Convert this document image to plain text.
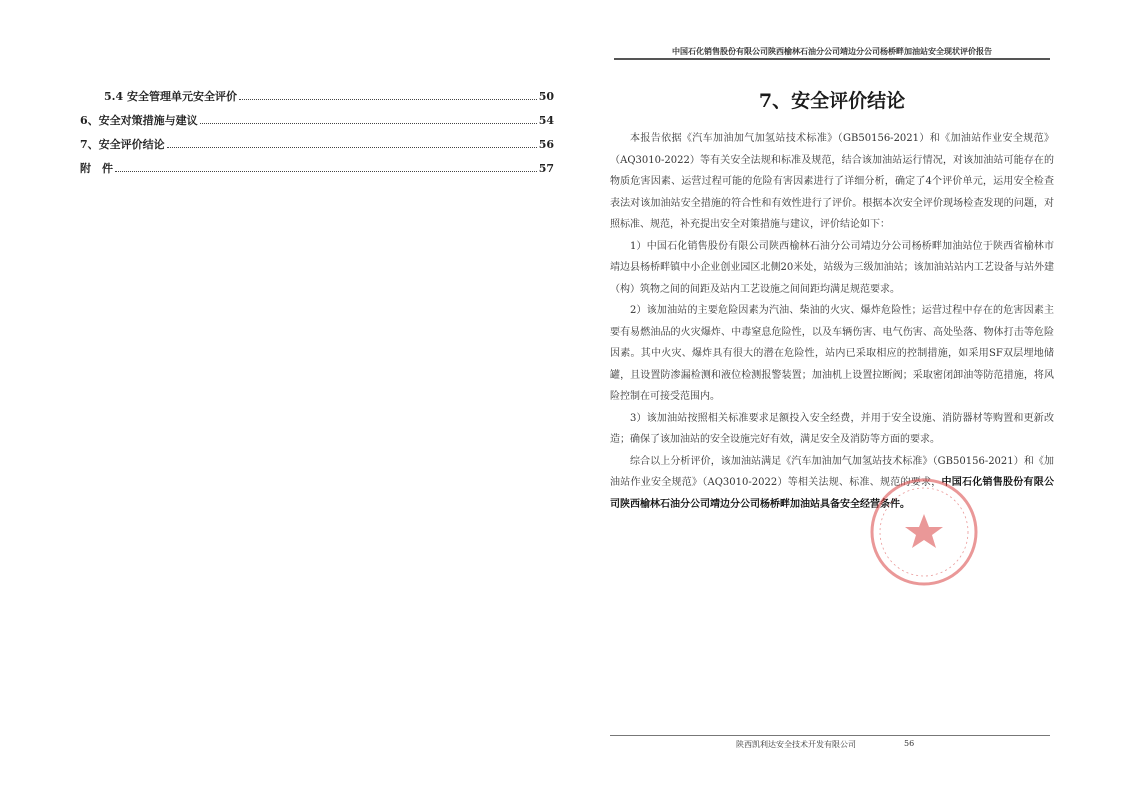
5.4 安全管理单元安全评价	50
6、安全对策措施与建议	54
7、安全评价结论	56
附　件	57
中国石化销售股份有限公司陕西榆林石油分公司靖边分公司杨桥畔加油站安全现状评价报告
7、安全评价结论

本报告依据《汽车加油加气加氢站技术标准》（GB50156-2021）和《加油站作业安全规范》（AQ3010-2022）等有关安全法规和标准及规范，结合该加油站运行情况，对该加油站可能存在的物质危害因素、运营过程可能的危险有害因素进行了详细分析，确定了4个评价单元，运用安全检查表法对该加油站安全措施的符合性和有效性进行了评价。根据本次安全评价现场检查发现的问题，对照标准、规范，补充提出安全对策措施与建议，评价结论如下：

1）中国石化销售股份有限公司陕西榆林石油分公司靖边分公司杨桥畔加油站位于陕西省榆林市靖边县杨桥畔镇中小企业创业园区北侧20米处，站级为三级加油站；该加油站站内工艺设备与站外建（构）筑物之间的间距及站内工艺设施之间间距均满足规范要求。

2）该加油站的主要危险因素为汽油、柴油的火灾、爆炸危险性；运营过程中存在的危害因素主要有易燃油品的火灾爆炸、中毒窒息危险性，以及车辆伤害、电气伤害、高处坠落、物体打击等危险因素。其中火灾、爆炸具有很大的潜在危险性，站内已采取相应的控制措施，如采用SF双层埋地储罐，且设置防渗漏检测和液位检测报警装置；加油机上设置拉断阀；采取密闭卸油等防范措施，将风险控制在可接受范围内。

3）该加油站按照相关标准要求足额投入安全经费，并用于安全设施、消防器材等购置和更新改造；确保了该加油站的安全设施完好有效，满足安全及消防等方面的要求。

综合以上分析评价，该加油站满足《汽车加油加气加氢站技术标准》（GB50156-2021）和《加油站作业安全规范》（AQ3010-2022）等相关法规、标准、规范的要求，中国石化销售股份有限公司陕西榆林石油分公司靖边分公司杨桥畔加油站具备安全经营条件。

陕西凯利达安全技术开发有限公司	56
